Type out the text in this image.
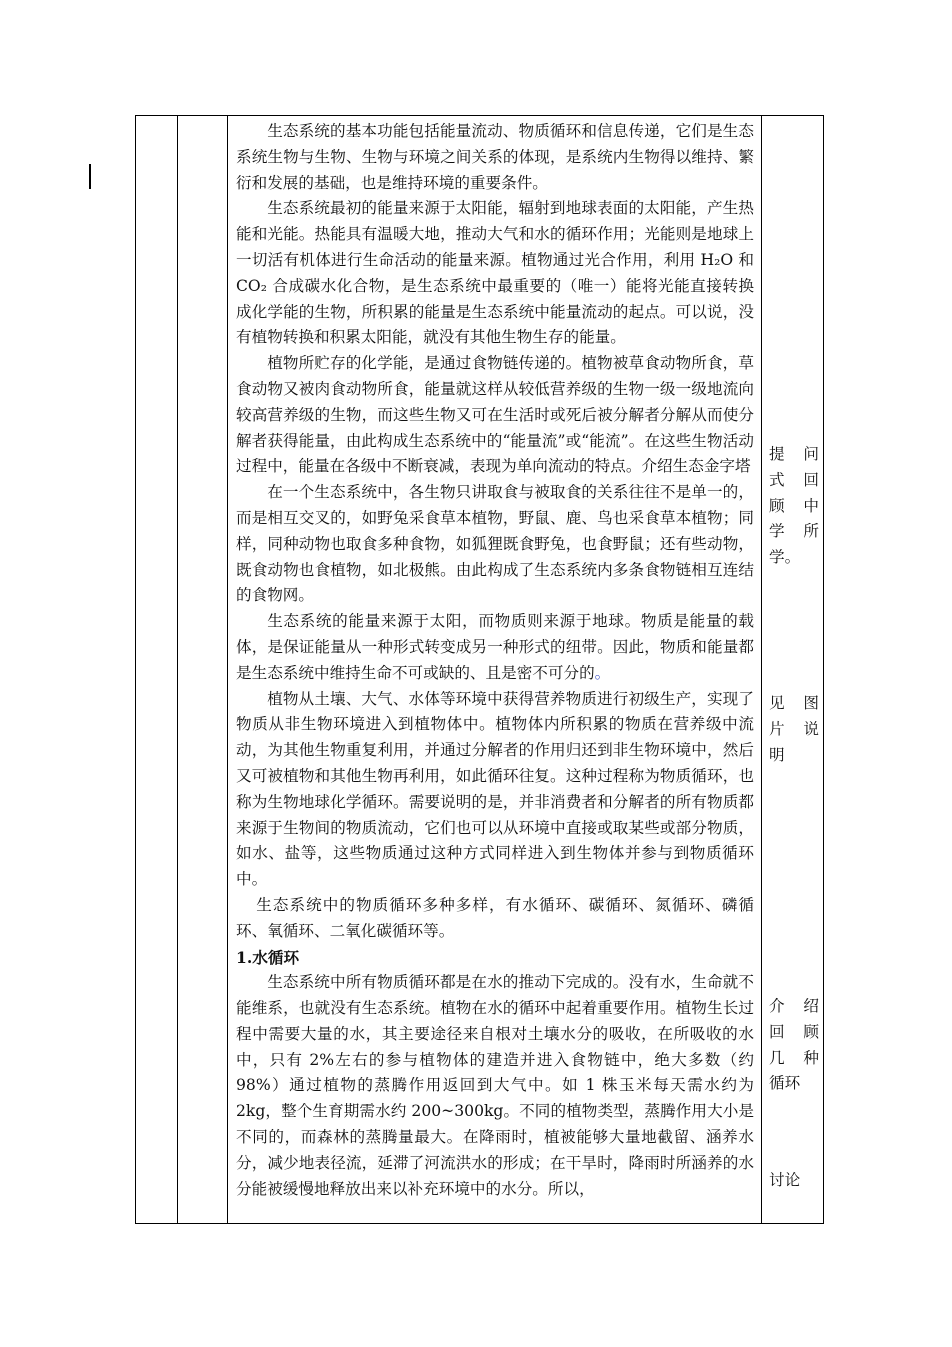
生态系统的基本功能包括能量流动、物质循环和信息传递，它们是生态系统生物与生物、生物与环境之间关系的体现，是系统内生物得以维持、繁衍和发展的基础，也是维持环境的重要条件。

生态系统最初的能量来源于太阳能，辐射到地球表面的太阳能，产生热能和光能。热能具有温暖大地，推动大气和水的循环作用；光能则是地球上一切活有机体进行生命活动的能量来源。植物通过光合作用，利用 H₂O 和 CO₂ 合成碳水化合物，是生态系统中最重要的（唯一）能将光能直接转换成化学能的生物，所积累的能量是生态系统中能量流动的起点。可以说，没有植物转换和积累太阳能，就没有其他生物生存的能量。

植物所贮存的化学能，是通过食物链传递的。植物被草食动物所食，草食动物又被肉食动物所食，能量就这样从较低营养级的生物一级一级地流向较高营养级的生物，而这些生物又可在生活时或死后被分解者分解从而使分解者获得能量，由此构成生态系统中的“能量流”或“能流”。在这些生物活动过程中，能量在各级中不断衰减，表现为单向流动的特点。介绍生态金字塔

在一个生态系统中，各生物只讲取食与被取食的关系往往不是单一的，而是相互交叉的，如野兔采食草本植物，野鼠、鹿、鸟也采食草本植物；同样，同种动物也取食多种食物，如狐狸既食野兔，也食野鼠；还有些动物，既食动物也食植物，如北极熊。由此构成了生态系统内多条食物链相互连结的食物网。

生态系统的能量来源于太阳，而物质则来源于地球。物质是能量的载体，是保证能量从一种形式转变成另一种形式的纽带。因此，物质和能量都是生态系统中维持生命不可或缺的、且是密不可分的。

植物从土壤、大气、水体等环境中获得营养物质进行初级生产，实现了物质从非生物环境进入到植物体中。植物体内所积累的物质在营养级中流动，为其他生物重复利用，并通过分解者的作用归还到非生物环境中，然后又可被植物和其他生物再利用，如此循环往复。这种过程称为物质循环，也称为生物地球化学循环。需要说明的是，并非消费者和分解者的所有物质都来源于生物间的物质流动，它们也可以从环境中直接或取某些或部分物质，如水、盐等，这些物质通过这种方式同样进入到生物体并参与到物质循环中。

生态系统中的物质循环多种多样，有水循环、碳循环、氮循环、磷循环、氧循环、二氧化碳循环等。

1.水循环

生态系统中所有物质循环都是在水的推动下完成的。没有水，生命就不能维系，也就没有生态系统。植物在水的循环中起着重要作用。植物生长过程中需要大量的水，其主要途径来自根对土壤水分的吸收，在所吸收的水中，只有 2%左右的参与植物体的建造并进入食物链中，绝大多数（约 98%）通过植物的蒸腾作用返回到大气中。如 1 株玉米每天需水约为 2kg，整个生育期需水约 200~300kg。不同的植物类型，蒸腾作用大小是不同的，而森林的蒸腾量最大。在降雨时，植被能够大量地截留、涵养水分，减少地表径流，延滞了河流洪水的形成；在干旱时，降雨时所涵养的水分能被缓慢地释放出来以补充环境中的水分。所以，

提 问 式 回 顾 中 学 所 学。
见 图 片 说 明
介 绍 回 顾 几 种 循环
讨论
